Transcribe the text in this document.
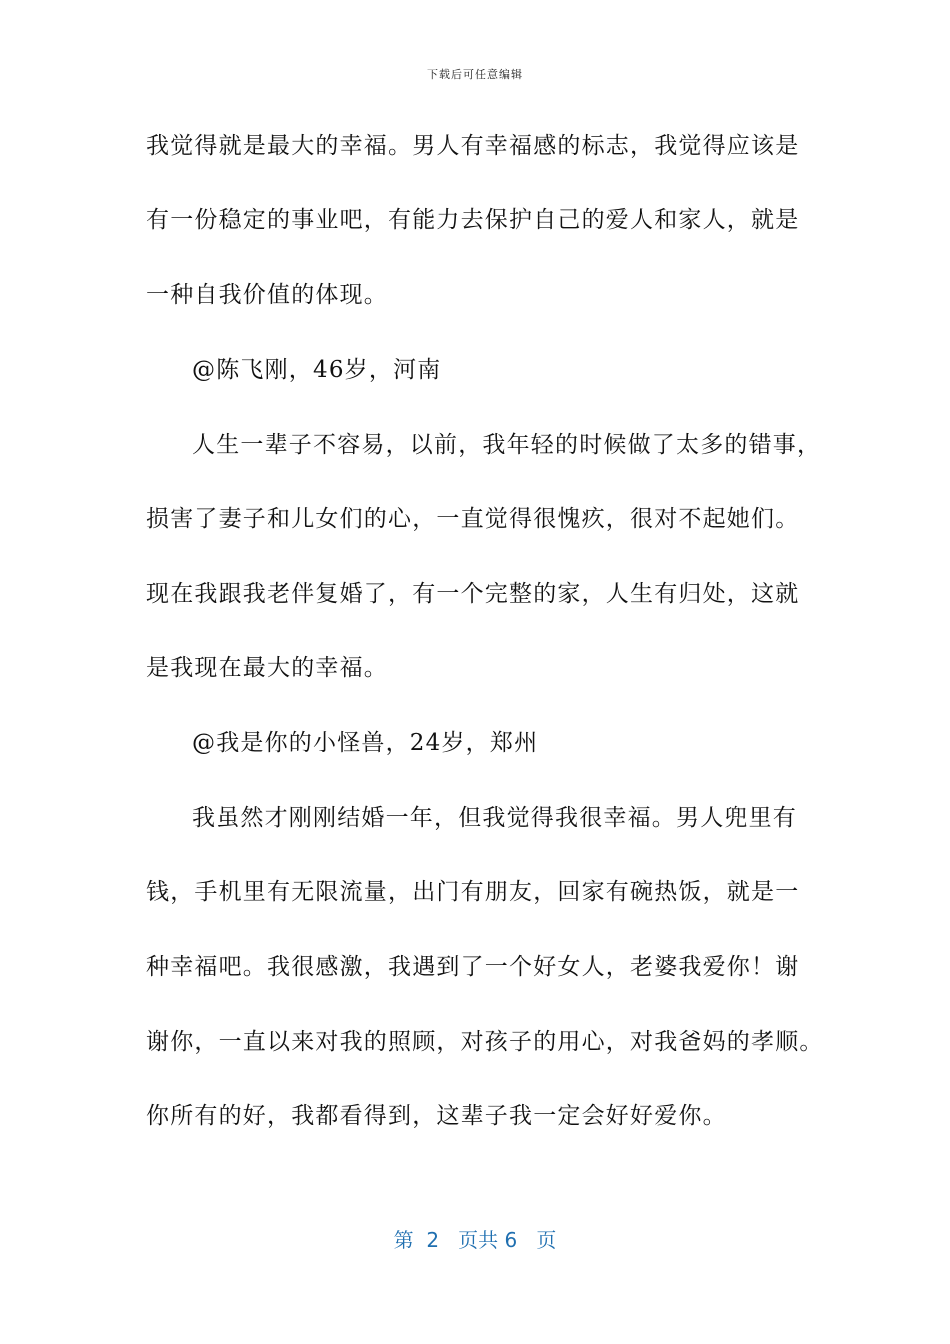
下载后可任意编辑
我觉得就是最大的幸福。男人有幸福感的标志，我觉得应该是
有一份稳定的事业吧，有能力去保护自己的爱人和家人，就是
一种自我价值的体现。
@陈飞刚，46岁，河南
人生一辈子不容易，以前，我年轻的时候做了太多的错事，
损害了妻子和儿女们的心，一直觉得很愧疚，很对不起她们。
现在我跟我老伴复婚了，有一个完整的家，人生有归处，这就
是我现在最大的幸福。
@我是你的小怪兽，24岁，郑州
我虽然才刚刚结婚一年，但我觉得我很幸福。男人兜里有
钱，手机里有无限流量，出门有朋友，回家有碗热饭，就是一
种幸福吧。我很感激，我遇到了一个好女人，老婆我爱你！谢
谢你，一直以来对我的照顾，对孩子的用心，对我爸妈的孝顺。
你所有的好，我都看得到，这辈子我一定会好好爱你。
第  2   页共 6   页
